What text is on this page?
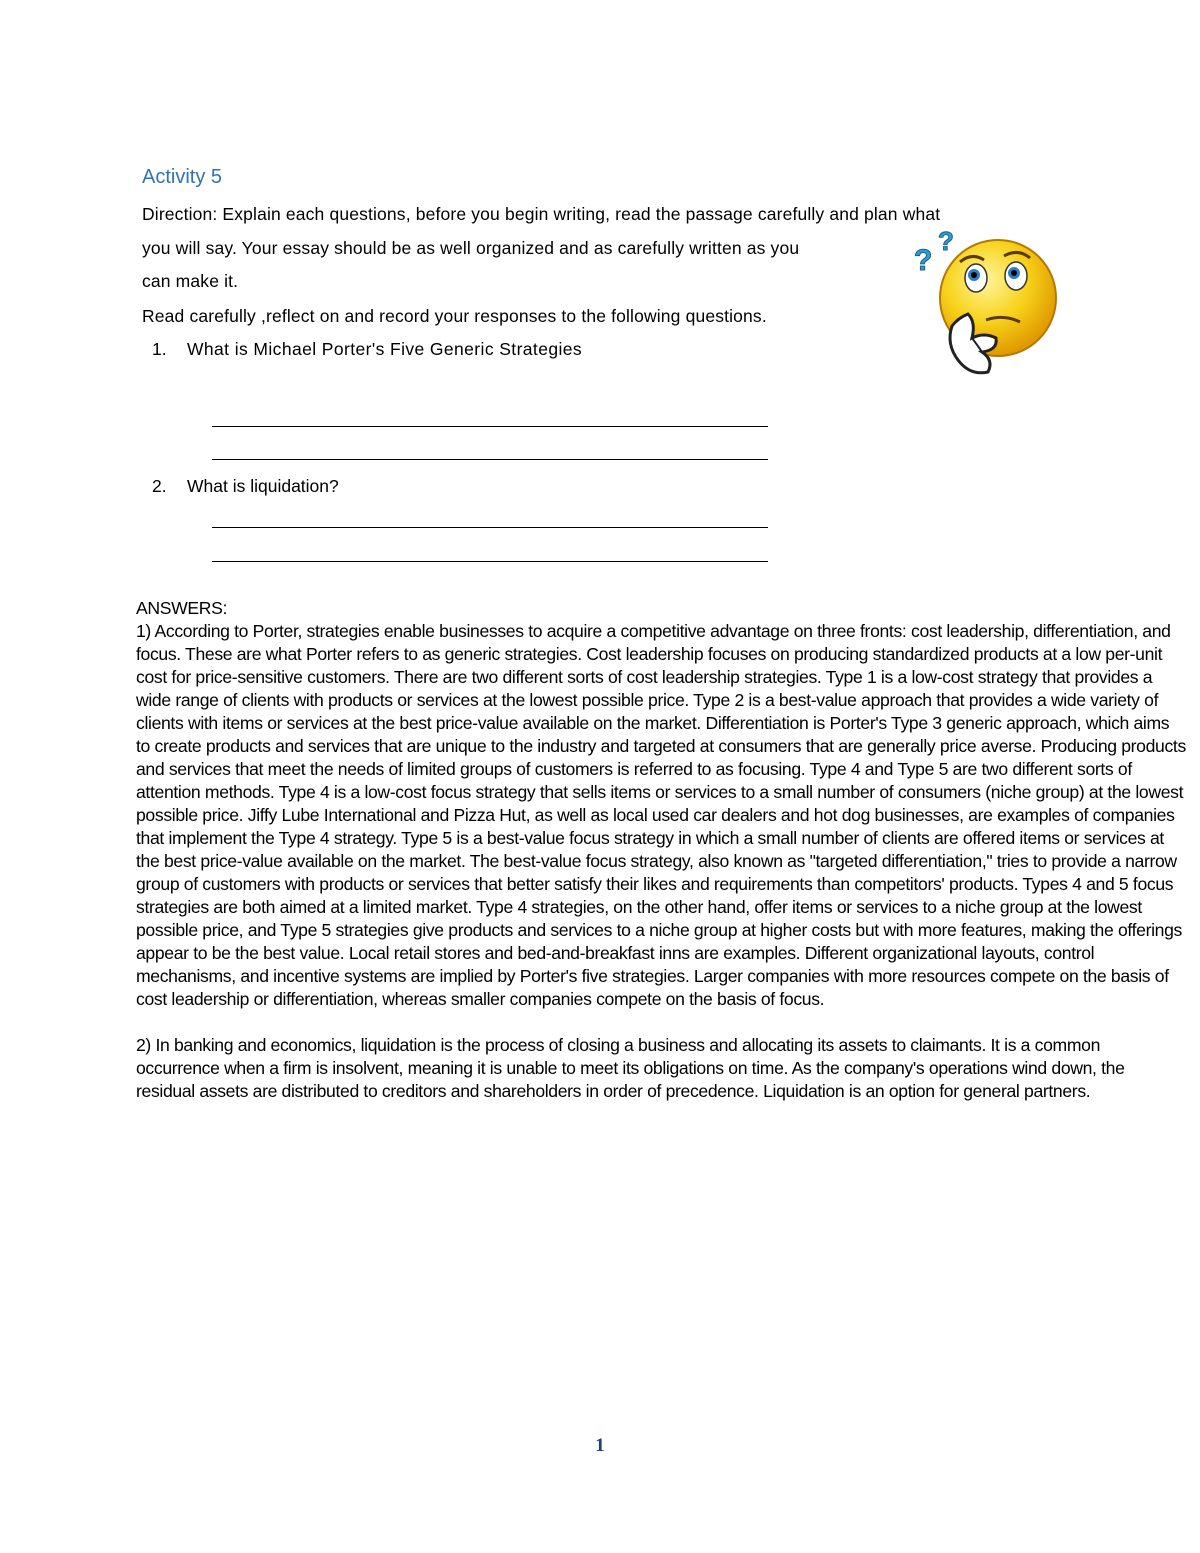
Activity 5
Direction: Explain each questions, before you begin writing, read the passage carefully and plan what
you will say. Your essay should be as well organized and as carefully written as you
can make it.
Read carefully ,reflect on and record your responses to the following questions.
?
?
1. What is Michael Porter's Five Generic Strategies
2. What is liquidation?

ANSWERS:

1) According to Porter, strategies enable businesses to acquire a competitive advantage on three fronts: cost leadership, differentiation, and focus. These are what Porter refers to as generic strategies. Cost leadership focuses on producing standardized products at a low per-unit cost for price-sensitive customers. There are two different sorts of cost leadership strategies. Type 1 is a low-cost strategy that provides a wide range of clients with products or services at the lowest possible price. Type 2 is a best-value approach that provides a wide variety of clients with items or services at the best price-value available on the market. Differentiation is Porter's Type 3 generic approach, which aims to create products and services that are unique to the industry and targeted at consumers that are generally price averse. Producing products and services that meet the needs of limited groups of customers is referred to as focusing. Type 4 and Type 5 are two different sorts of attention methods. Type 4 is a low-cost focus strategy that sells items or services to a small number of consumers (niche group) at the lowest possible price. Jiffy Lube International and Pizza Hut, as well as local used car dealers and hot dog businesses, are examples of companies that implement the Type 4 strategy. Type 5 is a best-value focus strategy in which a small number of clients are offered items or services at the best price-value available on the market. The best-value focus strategy, also known as "targeted differentiation," tries to provide a narrow group of customers with products or services that better satisfy their likes and requirements than competitors' products. Types 4 and 5 focus strategies are both aimed at a limited market. Type 4 strategies, on the other hand, offer items or services to a niche group at the lowest possible price, and Type 5 strategies give products and services to a niche group at higher costs but with more features, making the offerings appear to be the best value. Local retail stores and bed-and-breakfast inns are examples. Different organizational layouts, control mechanisms, and incentive systems are implied by Porter's five strategies. Larger companies with more resources compete on the basis of cost leadership or differentiation, whereas smaller companies compete on the basis of focus.

2) In banking and economics, liquidation is the process of closing a business and allocating its assets to claimants. It is a common occurrence when a firm is insolvent, meaning it is unable to meet its obligations on time. As the company's operations wind down, the residual assets are distributed to creditors and shareholders in order of precedence. Liquidation is an option for general partners.

1
